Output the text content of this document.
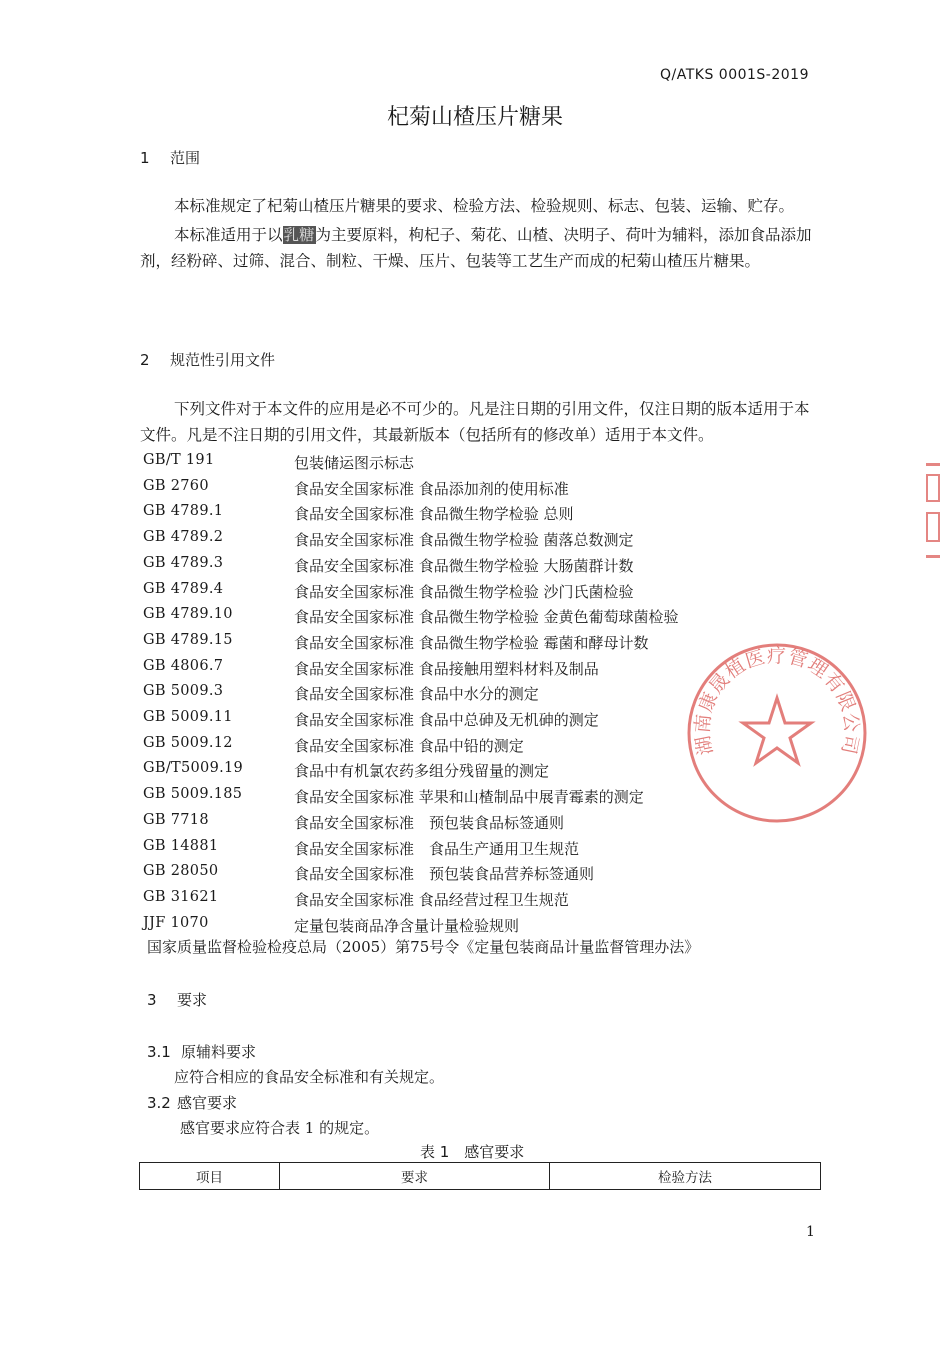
Q/ATKS 0001S-2019
杞菊山楂压片糖果
1 范围

本标准规定了杞菊山楂压片糖果的要求、检验方法、检验规则、标志、包装、运输、贮存。

本标准适用于以乳糖为主要原料，枸杞子、菊花、山楂、决明子、荷叶为辅料，添加食品添加剂，经粉碎、过筛、混合、制粒、干燥、压片、包装等工艺生产而成的杞菊山楂压片糖果。

2 规范性引用文件

下列文件对于本文件的应用是必不可少的。凡是注日期的引用文件，仅注日期的版本适用于本文件。凡是不注日期的引用文件，其最新版本（包括所有的修改单）适用于本文件。

GB/T 191	包装储运图示标志
GB 2760	食品安全国家标准 食品添加剂的使用标准
GB 4789.1	食品安全国家标准 食品微生物学检验 总则
GB 4789.2	食品安全国家标准 食品微生物学检验 菌落总数测定
GB 4789.3	食品安全国家标准 食品微生物学检验 大肠菌群计数
GB 4789.4	食品安全国家标准 食品微生物学检验 沙门氏菌检验
GB 4789.10	食品安全国家标准 食品微生物学检验 金黄色葡萄球菌检验
GB 4789.15	食品安全国家标准 食品微生物学检验 霉菌和酵母计数
GB 4806.7	食品安全国家标准 食品接触用塑料材料及制品
GB 5009.3	食品安全国家标准 食品中水分的测定
GB 5009.11	食品安全国家标准 食品中总砷及无机砷的测定
GB 5009.12	食品安全国家标准 食品中铅的测定
GB/T5009.19	食品中有机氯农药多组分残留量的测定
GB 5009.185	食品安全国家标准 苹果和山楂制品中展青霉素的测定
GB 7718	食品安全国家标准　预包装食品标签通则
GB 14881	食品安全国家标准　食品生产通用卫生规范
GB 28050	食品安全国家标准　预包装食品营养标签通则
GB 31621	食品安全国家标准 食品经营过程卫生规范
JJF 1070	定量包装商品净含量计量检验规则
国家质量监督检验检疫总局（2005）第75号令《定量包装商品计量监督管理办法》
3 要求
3.1 原辅料要求
应符合相应的食品安全标准和有关规定。
3.2 感官要求
感官要求应符合表 1 的规定。
表 1　感官要求
项目	要求	检验方法
1
湖南康晟植医疗管理有限公司
